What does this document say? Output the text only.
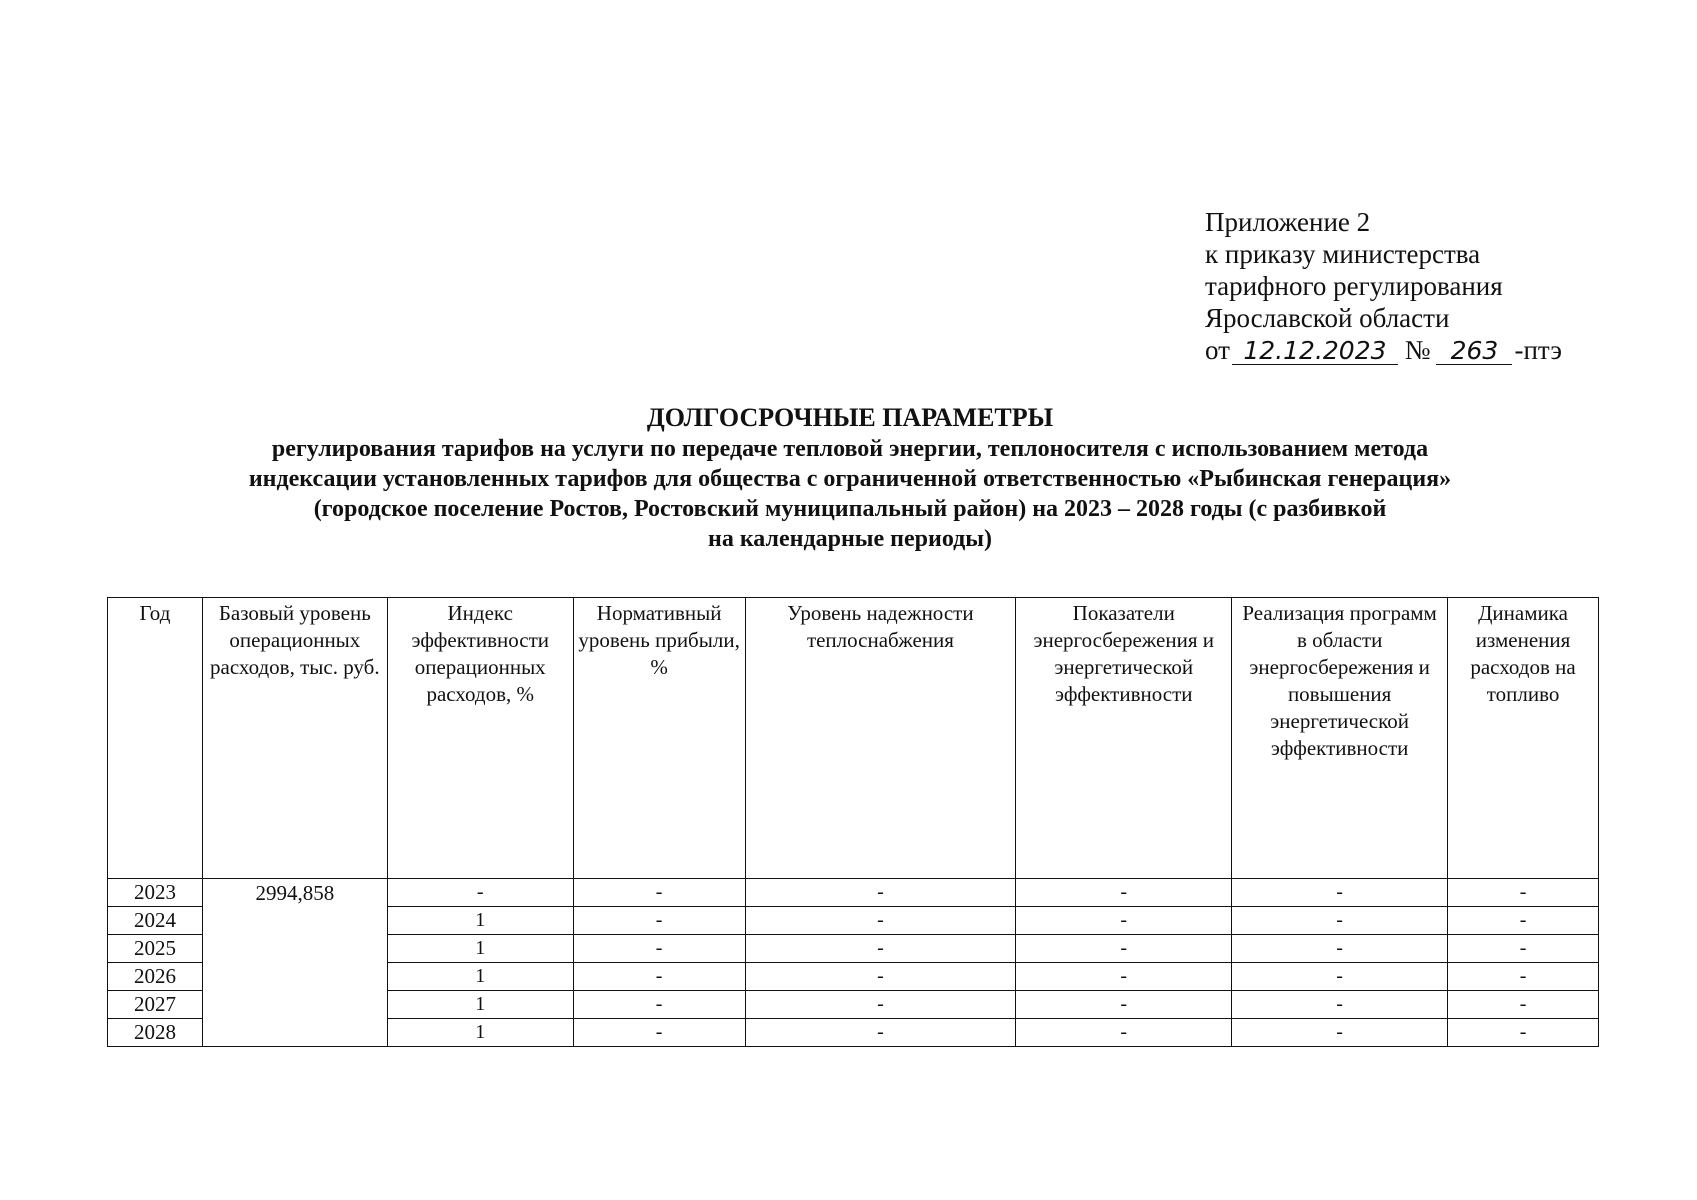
Приложение 2
к приказу министерства
тарифного регулирования
Ярославской области
от 12.12.2023 № 263 -птэ
ДОЛГОСРОЧНЫЕ ПАРАМЕТРЫ
регулирования тарифов на услуги по передаче тепловой энергии, теплоносителя с использованием метода
индексации установленных тарифов для общества с ограниченной ответственностью «Рыбинская генерация»
(городское поселение Ростов, Ростовский муниципальный район) на 2023 – 2028 годы (с разбивкой
на календарные периоды)
Год	Базовый уровень операционных расходов, тыс. руб.	Индекс эффективности операционных расходов, %	Нормативный уровень прибыли, %	Уровень надежности теплоснабжения	Показатели энергосбережения и энергетической эффективности	Реализация программ в области энергосбережения и повышения энергетической эффективности	Динамика изменения расходов на топливо
2023	2994,858	-	-	-	-	-	-
2024		1	-	-	-	-	-
2025		1	-	-	-	-	-
2026		1	-	-	-	-	-
2027		1	-	-	-	-	-
2028		1	-	-	-	-	-
